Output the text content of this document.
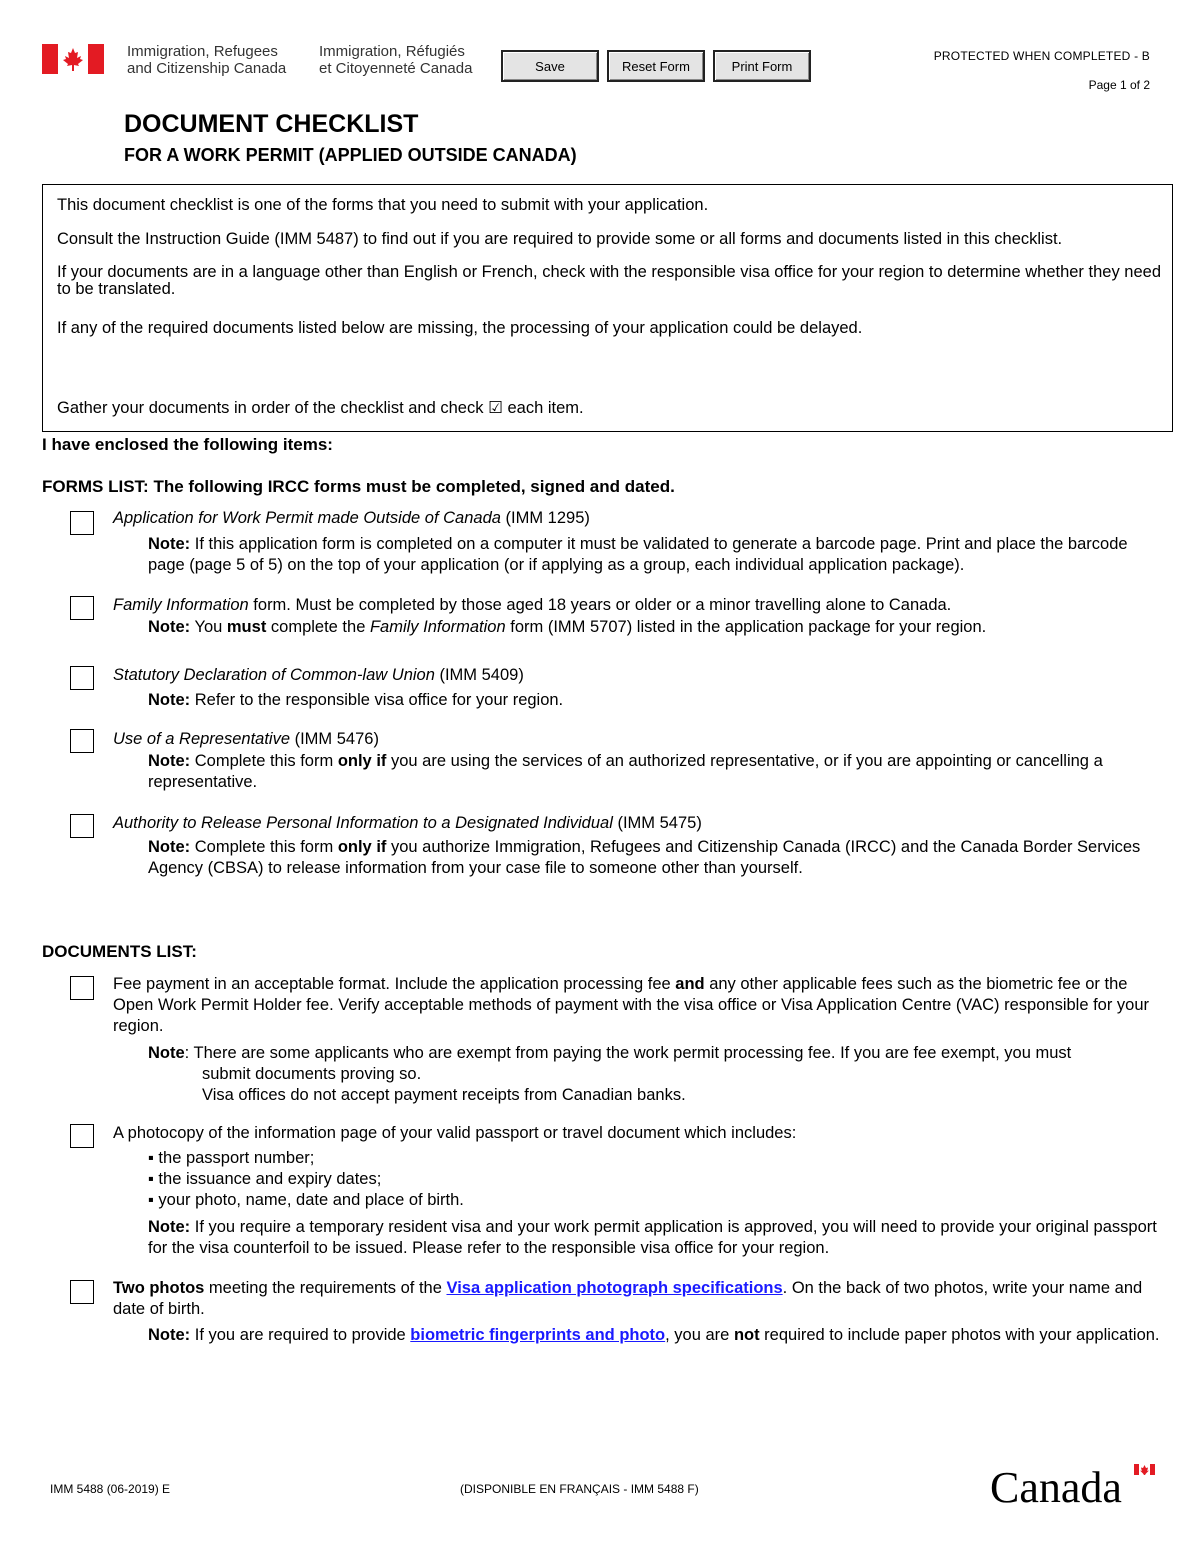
Immigration, Refugees
and Citizenship Canada
Immigration, Réfugiés
et Citoyenneté Canada	Save	Reset Form	Print Form
PROTECTED WHEN COMPLETED - B
Page 1 of 2
DOCUMENT CHECKLIST
FOR A WORK PERMIT (APPLIED OUTSIDE CANADA)
This document checklist is one of the forms that you need to submit with your application.
Consult the Instruction Guide (IMM 5487) to find out if you are required to provide some or all forms and documents listed in this checklist.
If your documents are in a language other than English or French, check with the responsible visa office for your region to determine whether they need to be translated.
If any of the required documents listed below are missing, the processing of your application could be delayed.
Gather your documents in order of the checklist and check ☑ each item.
I have enclosed the following items:
FORMS LIST: The following IRCC forms must be completed, signed and dated.
Application for Work Permit made Outside of Canada (IMM 1295)
Note: If this application form is completed on a computer it must be validated to generate a barcode page. Print and place the barcode page (page 5 of 5) on the top of your application (or if applying as a group, each individual application package).
Family Information form. Must be completed by those aged 18 years or older or a minor travelling alone to Canada.
Note: You must complete the Family Information form (IMM 5707) listed in the application package for your region.
Statutory Declaration of Common-law Union (IMM 5409)
Note: Refer to the responsible visa office for your region.
Use of a Representative (IMM 5476)
Note: Complete this form only if you are using the services of an authorized representative, or if you are appointing or cancelling a representative.
Authority to Release Personal Information to a Designated Individual (IMM 5475)
Note: Complete this form only if you authorize Immigration, Refugees and Citizenship Canada (IRCC) and the Canada Border Services Agency (CBSA) to release information from your case file to someone other than yourself.
DOCUMENTS LIST:
Fee payment in an acceptable format. Include the application processing fee and any other applicable fees such as the biometric fee or the Open Work Permit Holder fee. Verify acceptable methods of payment with the visa office or Visa Application Centre (VAC) responsible for your region.
Note: There are some applicants who are exempt from paying the work permit processing fee. If you are fee exempt, you must
submit documents proving so.
Visa offices do not accept payment receipts from Canadian banks.
A photocopy of the information page of your valid passport or travel document which includes:
▪ the passport number;
▪ the issuance and expiry dates;
▪ your photo, name, date and place of birth.
Note: If you require a temporary resident visa and your work permit application is approved, you will need to provide your original passport for the visa counterfoil to be issued. Please refer to the responsible visa office for your region.
Two photos meeting the requirements of the Visa application photograph specifications. On the back of two photos, write your name and date of birth.
Note: If you are required to provide biometric fingerprints and photo, you are not required to include paper photos with your application.
IMM 5488 (06-2019) E	(DISPONIBLE EN FRANÇAIS - IMM 5488 F)	Canada
